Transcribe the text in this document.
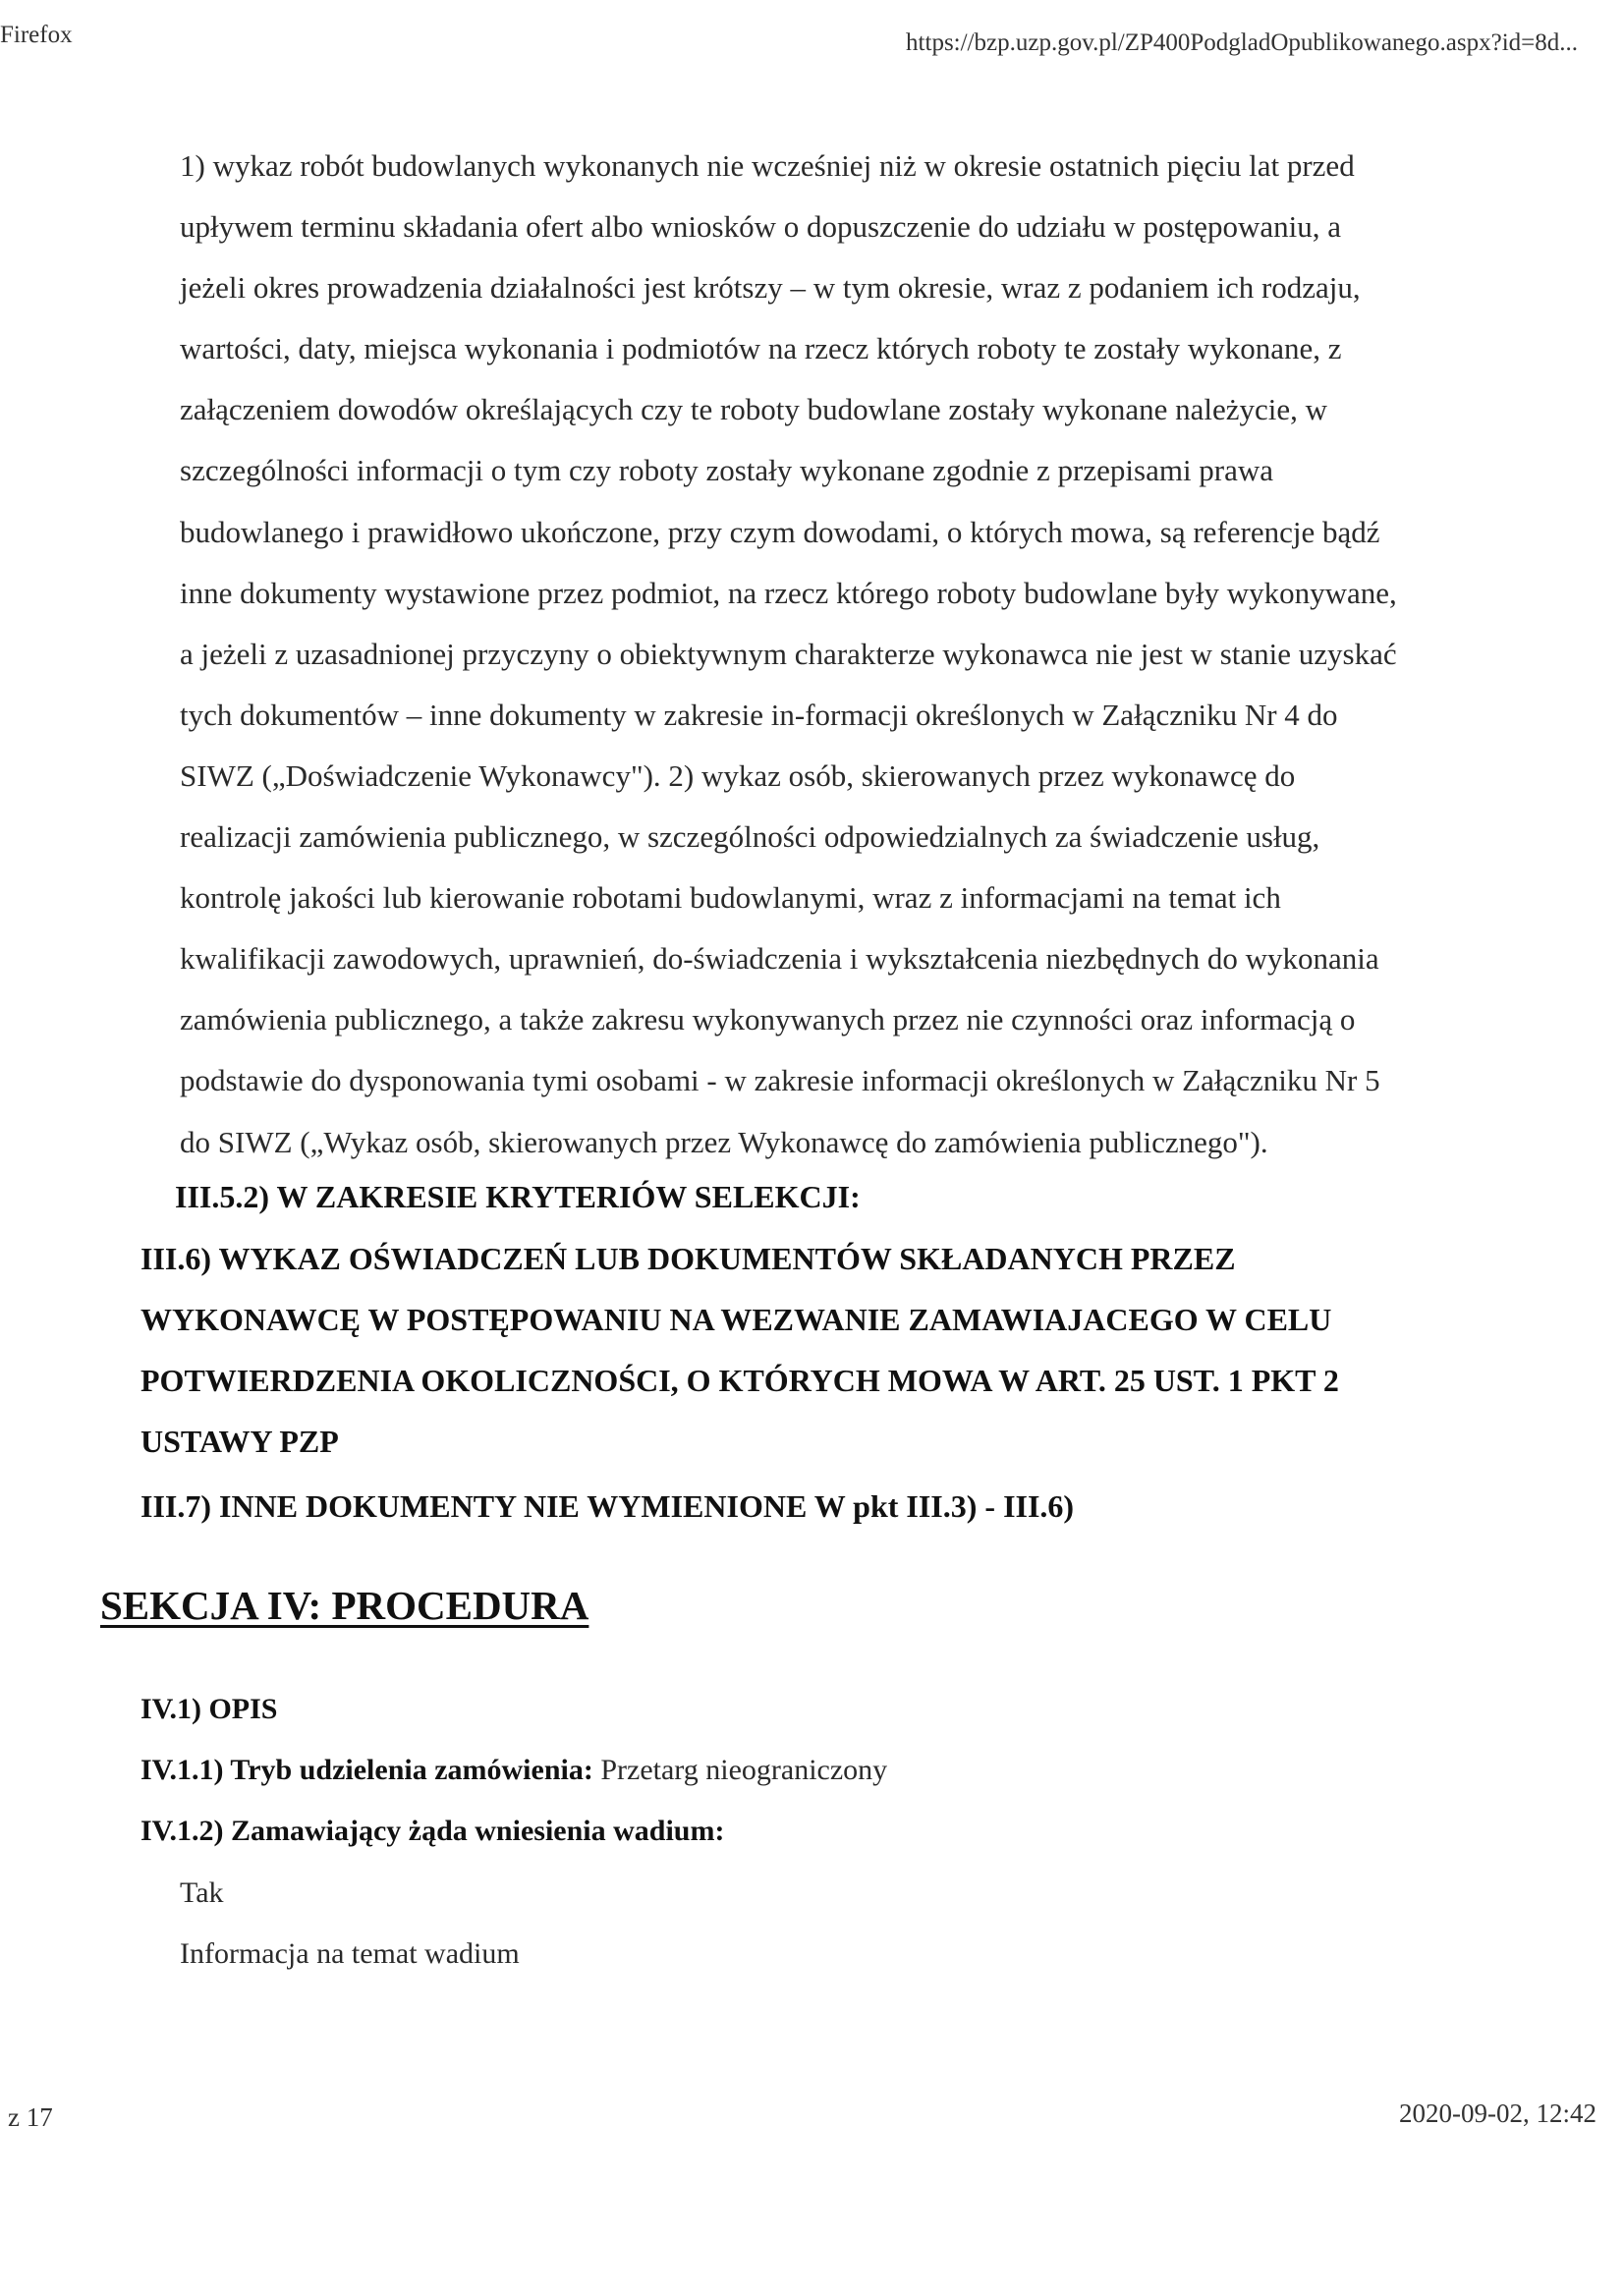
Firefox	https://bzp.uzp.gov.pl/ZP400PodgladOpublikowanego.aspx?id=8d...
1) wykaz robót budowlanych wykonanych nie wcześniej niż w okresie ostatnich pięciu lat przed
upływem terminu składania ofert albo wniosków o dopuszczenie do udziału w postępowaniu, a
jeżeli okres prowadzenia działalności jest krótszy – w tym okresie, wraz z podaniem ich rodzaju,
wartości, daty, miejsca wykonania i podmiotów na rzecz których roboty te zostały wykonane, z
załączeniem dowodów określających czy te roboty budowlane zostały wykonane należycie, w
szczególności informacji o tym czy roboty zostały wykonane zgodnie z przepisami prawa
budowlanego i prawidłowo ukończone, przy czym dowodami, o których mowa, są referencje bądź
inne dokumenty wystawione przez podmiot, na rzecz którego roboty budowlane były wykonywane,
a jeżeli z uzasadnionej przyczyny o obiektywnym charakterze wykonawca nie jest w stanie uzyskać
tych dokumentów – inne dokumenty w zakresie in-formacji określonych w Załączniku Nr 4 do
SIWZ („Doświadczenie Wykonawcy"). 2) wykaz osób, skierowanych przez wykonawcę do
realizacji zamówienia publicznego, w szczególności odpowiedzialnych za świadczenie usług,
kontrolę jakości lub kierowanie robotami budowlanymi, wraz z informacjami na temat ich
kwalifikacji zawodowych, uprawnień, do-świadczenia i wykształcenia niezbędnych do wykonania
zamówienia publicznego, a także zakresu wykonywanych przez nie czynności oraz informacją o
podstawie do dysponowania tymi osobami - w zakresie informacji określonych w Załączniku Nr 5
do SIWZ („Wykaz osób, skierowanych przez Wykonawcę do zamówienia publicznego").
III.5.2) W ZAKRESIE KRYTERIÓW SELEKCJI:
III.6) WYKAZ OŚWIADCZEŃ LUB DOKUMENTÓW SKŁADANYCH PRZEZ
WYKONAWCĘ W POSTĘPOWANIU NA WEZWANIE ZAMAWIAJACEGO W CELU
POTWIERDZENIA OKOLICZNOŚCI, O KTÓRYCH MOWA W ART. 25 UST. 1 PKT 2
USTAWY PZP
III.7) INNE DOKUMENTY NIE WYMIENIONE W pkt III.3) - III.6)
SEKCJA IV: PROCEDURA
IV.1) OPIS
IV.1.1) Tryb udzielenia zamówienia: Przetarg nieograniczony
IV.1.2) Zamawiający żąda wniesienia wadium:
Tak
Informacja na temat wadium
z 17	2020-09-02, 12:42
